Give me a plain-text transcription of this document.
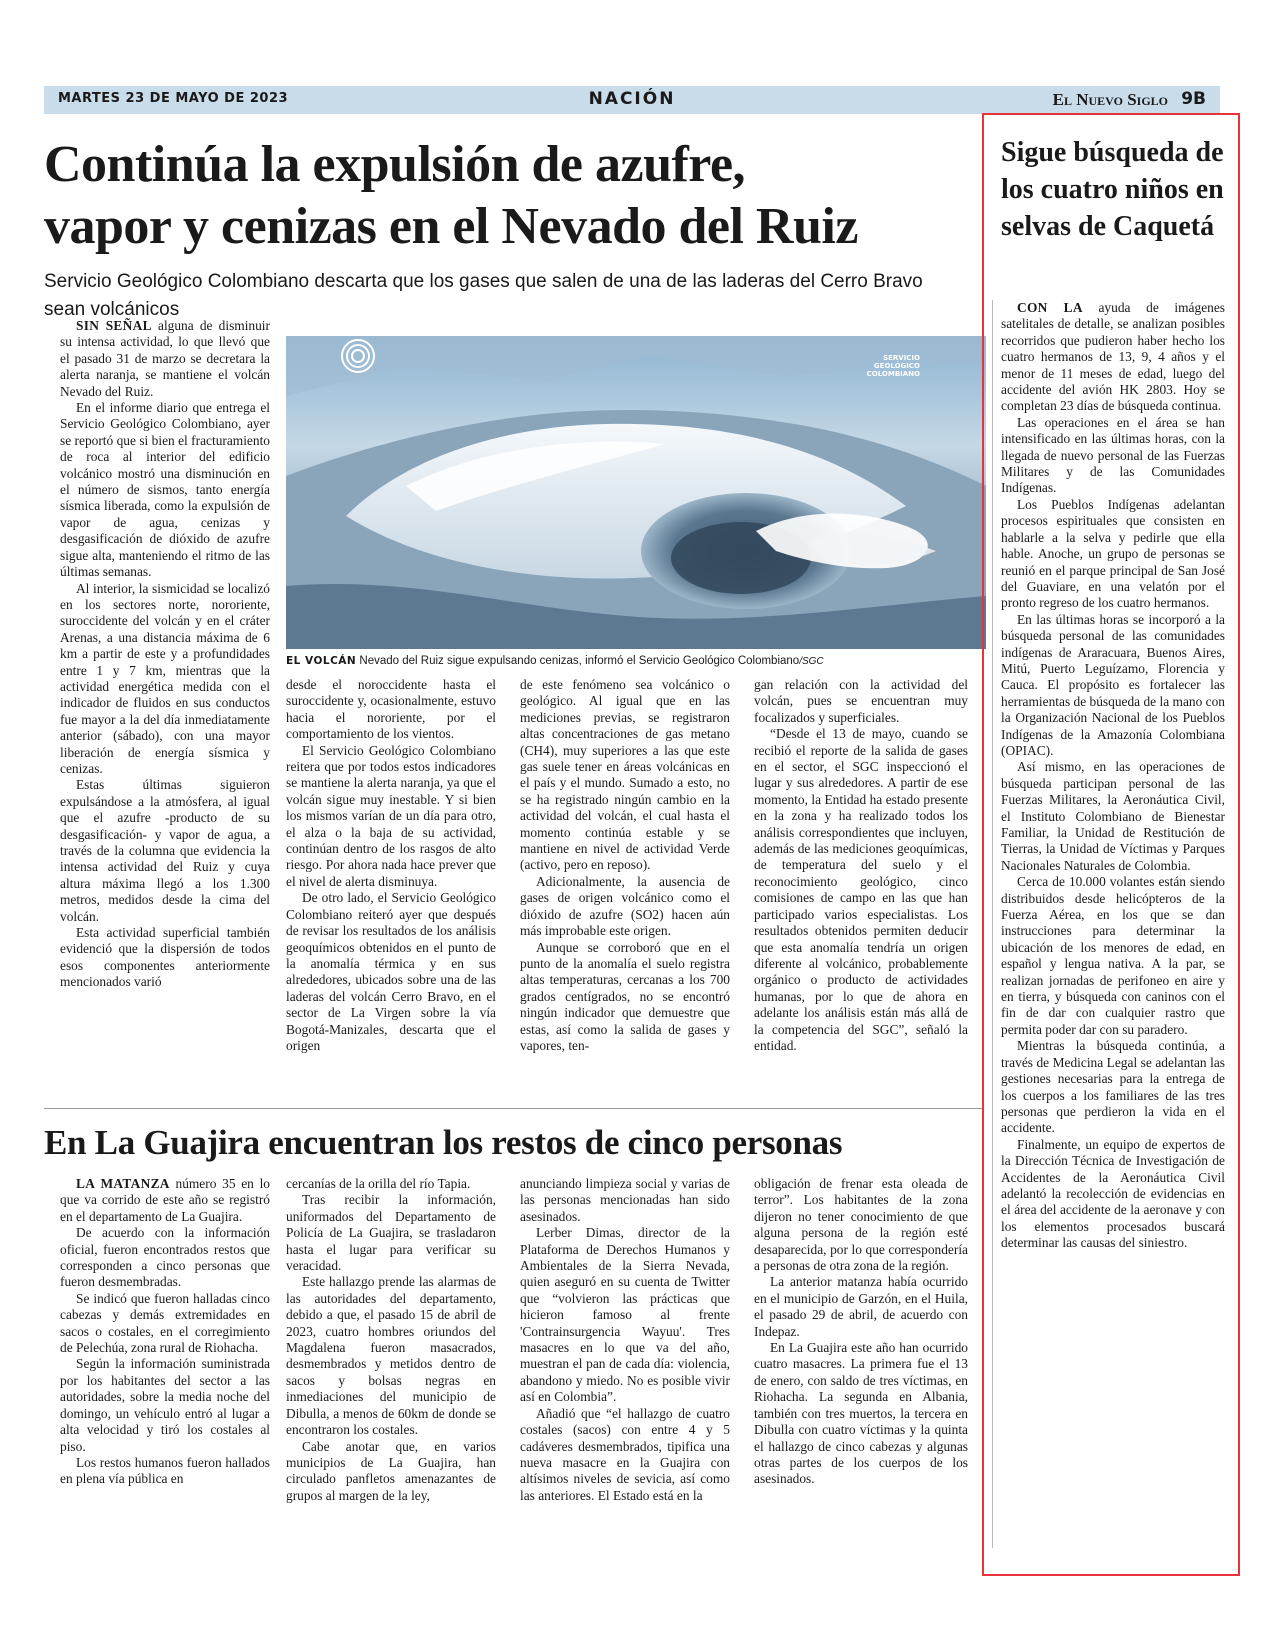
MARTES 23 DE MAYO DE 2023	NACIÓN	El Nuevo Siglo 9B
Continúa la expulsión de azufre,
vapor y cenizas en el Nevado del Ruiz
Servicio Geológico Colombiano descarta que los gases que salen de una de las laderas del Cerro Bravo sean volcánicos

SIN SEÑAL alguna de disminuir su intensa actividad, lo que llevó que el pasado 31 de marzo se decretara la alerta naranja, se mantiene el volcán Nevado del Ruiz.

En el informe diario que entrega el Servicio Geológico Colombiano, ayer se reportó que si bien el fracturamiento de roca al interior del edificio volcánico mostró una disminución en el número de sismos, tanto energía sísmica liberada, como la expulsión de vapor de agua, cenizas y desgasificación de dióxido de azufre sigue alta, manteniendo el ritmo de las últimas semanas.

Al interior, la sismicidad se localizó en los sectores norte, nororiente, suroccidente del volcán y en el cráter Arenas, a una distancia máxima de 6 km a partir de este y a profundidades entre 1 y 7 km, mientras que la actividad energética medida con el indicador de fluidos en sus conductos fue mayor a la del día inmediatamente anterior (sábado), con una mayor liberación de energía sísmica y cenizas.

Estas últimas siguieron expulsándose a la atmósfera, al igual que el azufre -producto de su desgasificación- y vapor de agua, a través de la columna que evidencia la intensa actividad del Ruiz y cuya altura máxima llegó a los 1.300 metros, medidos desde la cima del volcán.

Esta actividad superficial también evidenció que la dispersión de todos esos componentes anteriormente mencionados varió

SERVICIO GEOLÓGICO COLOMBIANO
EL VOLCÁN Nevado del Ruiz sigue expulsando cenizas, informó el Servicio Geológico Colombiano/SGC

desde el noroccidente hasta el suroccidente y, ocasionalmente, estuvo hacia el nororiente, por el comportamiento de los vientos.

El Servicio Geológico Colombiano reitera que por todos estos indicadores se mantiene la alerta naranja, ya que el volcán sigue muy inestable. Y si bien los mismos varían de un día para otro, el alza o la baja de su actividad, continúan dentro de los rasgos de alto riesgo. Por ahora nada hace prever que el nivel de alerta disminuya.

De otro lado, el Servicio Geológico Colombiano reiteró ayer que después de revisar los resultados de los análisis geoquímicos obtenidos en el punto de la anomalía térmica y en sus alrededores, ubicados sobre una de las laderas del volcán Cerro Bravo, en el sector de La Virgen sobre la vía Bogotá-Manizales, descarta que el origen

de este fenómeno sea volcánico o geológico. Al igual que en las mediciones previas, se registraron altas concentraciones de gas metano (CH4), muy superiores a las que este gas suele tener en áreas volcánicas en el país y el mundo. Sumado a esto, no se ha registrado ningún cambio en la actividad del volcán, el cual hasta el momento continúa estable y se mantiene en nivel de actividad Verde (activo, pero en reposo).

Adicionalmente, la ausencia de gases de origen volcánico como el dióxido de azufre (SO2) hacen aún más improbable este origen.

Aunque se corroboró que en el punto de la anomalía el suelo registra altas temperaturas, cercanas a los 700 grados centígrados, no se encontró ningún indicador que demuestre que estas, así como la salida de gases y vapores, ten-

gan relación con la actividad del volcán, pues se encuentran muy focalizados y superficiales.

“Desde el 13 de mayo, cuando se recibió el reporte de la salida de gases en el sector, el SGC inspeccionó el lugar y sus alrededores. A partir de ese momento, la Entidad ha estado presente en la zona y ha realizado todos los análisis correspondientes que incluyen, además de las mediciones geoquímicas, de temperatura del suelo y el reconocimiento geológico, cinco comisiones de campo en las que han participado varios especialistas. Los resultados obtenidos permiten deducir que esta anomalía tendría un origen diferente al volcánico, probablemente orgánico o producto de actividades humanas, por lo que de ahora en adelante los análisis están más allá de la competencia del SGC”, señaló la entidad.

En La Guajira encuentran los restos de cinco personas

LA MATANZA número 35 en lo que va corrido de este año se registró en el departamento de La Guajira.

De acuerdo con la información oficial, fueron encontrados restos que corresponden a cinco personas que fueron desmembradas.

Se indicó que fueron halladas cinco cabezas y demás extremidades en sacos o costales, en el corregimiento de Pelechúa, zona rural de Riohacha.

Según la información suministrada por los habitantes del sector a las autoridades, sobre la media noche del domingo, un vehículo entró al lugar a alta velocidad y tiró los costales al piso.

Los restos humanos fueron hallados en plena vía pública en

cercanías de la orilla del río Tapia.

Tras recibir la información, uniformados del Departamento de Policía de La Guajira, se trasladaron hasta el lugar para verificar su veracidad.

Este hallazgo prende las alarmas de las autoridades del departamento, debido a que, el pasado 15 de abril de 2023, cuatro hombres oriundos del Magdalena fueron masacrados, desmembrados y metidos dentro de sacos y bolsas negras en inmediaciones del municipio de Dibulla, a menos de 60km de donde se encontraron los costales.

Cabe anotar que, en varios municipios de La Guajira, han circulado panfletos amenazantes de grupos al margen de la ley,

anunciando limpieza social y varias de las personas mencionadas han sido asesinados.

Lerber Dimas, director de la Plataforma de Derechos Humanos y Ambientales de la Sierra Nevada, quien aseguró en su cuenta de Twitter que “volvieron las prácticas que hicieron famoso al frente 'Contrainsurgencia Wayuu'. Tres masacres en lo que va del año, muestran el pan de cada día: violencia, abandono y miedo. No es posible vivir así en Colombia”.

Añadió que “el hallazgo de cuatro costales (sacos) con entre 4 y 5 cadáveres desmembrados, tipifica una nueva masacre en la Guajira con altísimos niveles de sevicia, así como las anteriores. El Estado está en la

obligación de frenar esta oleada de terror”. Los habitantes de la zona dijeron no tener conocimiento de que alguna persona de la región esté desaparecida, por lo que correspondería a personas de otra zona de la región.

La anterior matanza había ocurrido en el municipio de Garzón, en el Huila, el pasado 29 de abril, de acuerdo con Indepaz.

En La Guajira este año han ocurrido cuatro masacres. La primera fue el 13 de enero, con saldo de tres víctimas, en Riohacha. La segunda en Albania, también con tres muertos, la tercera en Dibulla con cuatro víctimas y la quinta el hallazgo de cinco cabezas y algunas otras partes de los cuerpos de los asesinados.

Sigue búsqueda de los cuatro niños en selvas de Caquetá

CON LA ayuda de imágenes satelitales de detalle, se analizan posibles recorridos que pudieron haber hecho los cuatro hermanos de 13, 9, 4 años y el menor de 11 meses de edad, luego del accidente del avión HK 2803. Hoy se completan 23 días de búsqueda continua.

Las operaciones en el área se han intensificado en las últimas horas, con la llegada de nuevo personal de las Fuerzas Militares y de las Comunidades Indígenas.

Los Pueblos Indígenas adelantan procesos espirituales que consisten en hablarle a la selva y pedirle que ella hable. Anoche, un grupo de personas se reunió en el parque principal de San José del Guaviare, en una velatón por el pronto regreso de los cuatro hermanos.

En las últimas horas se incorporó a la búsqueda personal de las comunidades indígenas de Araracuara, Buenos Aires, Mitú, Puerto Leguízamo, Florencia y Cauca. El propósito es fortalecer las herramientas de búsqueda de la mano con la Organización Nacional de los Pueblos Indígenas de la Amazonía Colombiana (OPIAC).

Así mismo, en las operaciones de búsqueda participan personal de las Fuerzas Militares, la Aeronáutica Civil, el Instituto Colombiano de Bienestar Familiar, la Unidad de Restitución de Tierras, la Unidad de Víctimas y Parques Nacionales Naturales de Colombia.

Cerca de 10.000 volantes están siendo distribuidos desde helicópteros de la Fuerza Aérea, en los que se dan instrucciones para determinar la ubicación de los menores de edad, en español y lengua nativa. A la par, se realizan jornadas de perifoneo en aire y en tierra, y búsqueda con caninos con el fin de dar con cualquier rastro que permita poder dar con su paradero.

Mientras la búsqueda continúa, a través de Medicina Legal se adelantan las gestiones necesarias para la entrega de los cuerpos a los familiares de las tres personas que perdieron la vida en el accidente.

Finalmente, un equipo de expertos de la Dirección Técnica de Investigación de Accidentes de la Aeronáutica Civil adelantó la recolección de evidencias en el área del accidente de la aeronave y con los elementos procesados buscará determinar las causas del siniestro.
